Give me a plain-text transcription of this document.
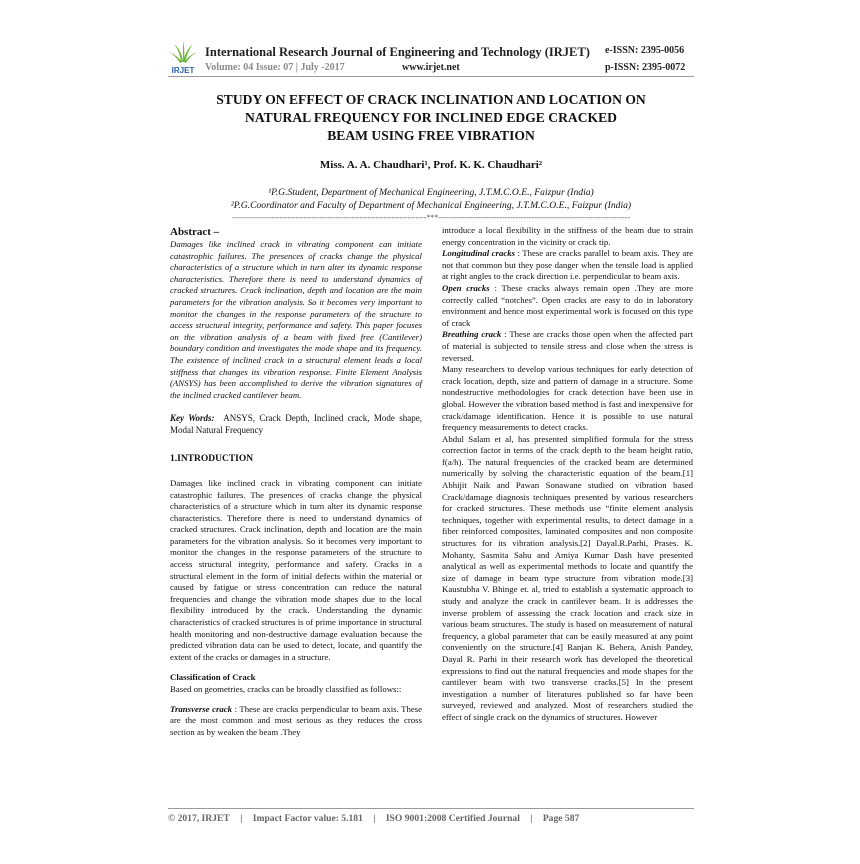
IRJET
International Research Journal of Engineering and Technology (IRJET)
Volume: 04 Issue: 07 | July -2017	www.irjet.net
e-ISSN: 2395-0056
p-ISSN: 2395-0072
STUDY ON EFFECT OF CRACK INCLINATION AND LOCATION ON
NATURAL FREQUENCY FOR INCLINED EDGE CRACKED
BEAM USING FREE VIBRATION
Miss. A. A. Chaudhari¹, Prof. K. K. Chaudhari²
¹P.G.Student, Department of Mechanical Engineering, J.T.M.C.O.E., Faizpur (India)
²P.G.Coordinator and Faculty of Department of Mechanical Engineering, J.T.M.C.O.E., Faizpur (India)
-------------------------------------------------------------------------***------------------------------------------------------------------------

Abstract –

Damages like inclined crack in vibrating component can initiate catastrophic failures. The presences of cracks change the physical characteristics of a structure which in turn alter its dynamic response characteristics. Therefore there is need to understand dynamics of cracked structures. Crack inclination, depth and location are the main parameters for the vibration analysis. So it becomes very important to monitor the changes in the response parameters of the structure to access structural integrity, performance and safety. This paper focuses on the vibration analysis of a beam with fixed free (Cantilever) boundary condition and investigates the mode shape and its frequency. The existence of inclined crack in a structural element leads a local stiffness that changes its vibration response. Finite Element Analysis (ANSYS) has been accomplished to derive the vibration signatures of the inclined cracked cantilever beam.

Key Words: ANSYS, Crack Depth, Inclined crack, Mode shape, Modal Natural Frequency

1.INTRODUCTION

Damages like inclined crack in vibrating component can initiate catastrophic failures. The presences of cracks change the physical characteristics of a structure which in turn alter its dynamic response characteristics. Therefore there is need to understand dynamics of cracked structures. Crack inclination, depth and location are the main parameters for the vibration analysis. So it becomes very important to monitor the changes in the response parameters of the structure to access structural integrity, performance and safety. Cracks in a structural element in the form of initial defects within the material or caused by fatigue or stress concentration can reduce the natural frequencies and change the vibration mode shapes due to the local flexibility introduced by the crack. Understanding the dynamic characteristics of cracked structures is of prime importance in structural health monitoring and non-destructive damage evaluation because the predicted vibration data can be used to detect, locate, and quantify the extent of the cracks or damages in a structure.

Classification of Crack

Based on geometries, cracks can be broadly classified as follows::

Transverse crack : These are cracks perpendicular to beam axis. These are the most common and most serious as they reduces the cross section as by weaken the beam .They

introduce a local flexibility in the stiffness of the beam due to strain energy concentration in the vicinity or crack tip.

Longitudinal cracks : These are cracks parallel to beam axis. They are not that common but they pose danger when the tensile load is applied at right angles to the crack direction i.e. perpendicular to beam axis.

Open cracks : These cracks always remain open .They are more correctly called “notches”. Open cracks are easy to do in laboratory environment and hence most experimental work is focused on this type of crack

Breathing crack : These are cracks those open when the affected part of material is subjected to tensile stress and close when the stress is reversed.

Many researchers to develop various techniques for early detection of crack location, depth, size and pattern of damage in a structure. Some nondestructive methodologies for crack detection have been use in global. However the vibration based method is fast and inexpensive for crack/damage identification. Hence it is possible to use natural frequency measurements to detect cracks.

Abdul Salam et al, has presented simplified formula for the stress correction factor in terms of the crack depth to the beam height ratio, f(a/h). The natural frequencies of the cracked beam are determined numerically by solving the characteristic equation of the beam.[1] Abhijit Naik and Pawan Sonawane studied on vibration based Crack/damage diagnosis techniques presented by various researchers for cracked structures. These methods use “finite element analysis techniques, together with experimental results, to detect damage in a fiber reinforced composites, laminated composites and non composite structures for its vibration analysis.[2] Dayal.R.Parhi, Prases. K. Mohanty, Sasmita Sahu and Amiya Kumar Dash have presented analytical as well as experimental methods to locate and quantify the size of damage in beam type structure from vibration mode.[3] Kaustubha V. Bhinge et. al, tried to establish a systematic approach to study and analyze the crack in cantilever beam. It is addresses the inverse problem of assessing the crack location and crack size in various beam structures. The study is based on measurement of natural frequency, a global parameter that can be easily measured at any point conveniently on the structure.[4] Ranjan K. Behera, Anish Pandey, Dayal R. Parhi in their research work has developed the theoretical expressions to find out the natural frequencies and mode shapes for the cantilever beam with two transverse cracks.[5] In the present investigation a number of literatures published so far have been surveyed, reviewed and analyzed. Most of researchers studied the effect of single crack on the dynamics of structures. However

© 2017, IRJET | Impact Factor value: 5.181 | ISO 9001:2008 Certified Journal | Page 587
